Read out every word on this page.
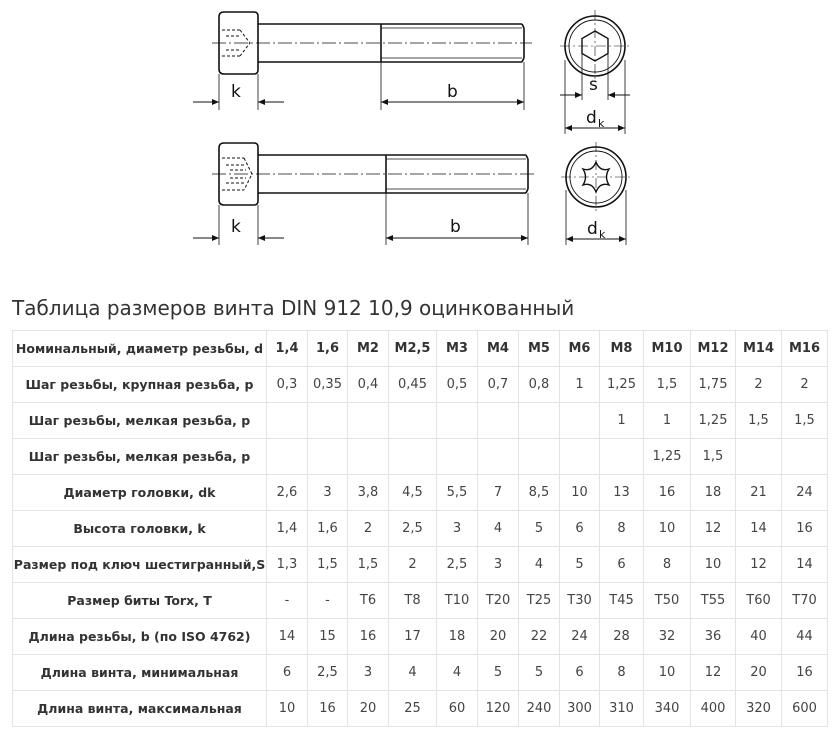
k	b	s
d k
k	b	d k
Таблица размеров винта DIN 912 10,9 оцинкованный
Номинальный, диаметр резьбы, d	1,4	1,6	M2	M2,5	M3	M4	M5	M6	M8	M10	M12	M14	M16
Шаг резьбы, крупная резьба, p	0,3	0,35	0,4	0,45	0,5	0,7	0,8	1	1,25	1,5	1,75	2	2
Шаг резьбы, мелкая резьба, p									1	1	1,25	1,5	1,5
Шаг резьбы, мелкая резьба, p										1,25	1,5		
Диаметр головки, dk	2,6	3	3,8	4,5	5,5	7	8,5	10	13	16	18	21	24
Высота головки, k	1,4	1,6	2	2,5	3	4	5	6	8	10	12	14	16
Размер под ключ шестигранный,S	1,3	1,5	1,5	2	2,5	3	4	5	6	8	10	12	14
Размер биты Torx, T	-	-	T6	T8	T10	T20	T25	T30	T45	T50	T55	T60	T70
Длина резьбы, b (по ISO 4762)	14	15	16	17	18	20	22	24	28	32	36	40	44
Длина винта, минимальная	6	2,5	3	4	4	5	5	6	8	10	12	20	16
Длина винта, максимальная	10	16	20	25	60	120	240	300	310	340	400	320	600
